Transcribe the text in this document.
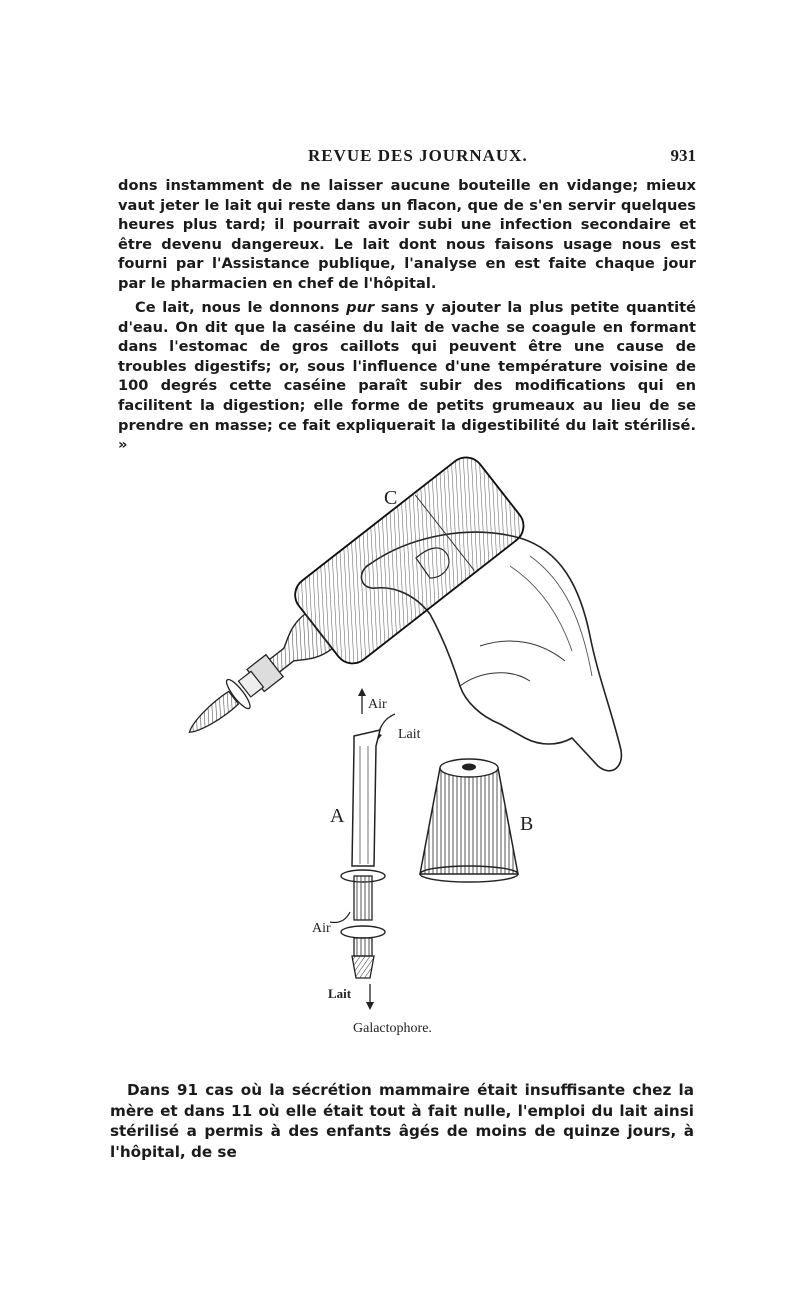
REVUE DES JOURNAUX.	931

dons instamment de ne laisser aucune bouteille en vidange; mieux vaut jeter le lait qui reste dans un flacon, que de s'en servir quelques heures plus tard; il pourrait avoir subi une infection secondaire et être devenu dangereux. Le lait dont nous faisons usage nous est fourni par l'Assistance publique, l'analyse en est faite chaque jour par le pharmacien en chef de l'hôpital.

Ce lait, nous le donnons pur sans y ajouter la plus petite quantité d'eau. On dit que la caséine du lait de vache se coagule en formant dans l'estomac de gros caillots qui peuvent être une cause de troubles digestifs; or, sous l'influence d'une température voisine de 100 degrés cette caséine paraît subir des modifications qui en facilitent la digestion; elle forme de petits grumeaux au lieu de se prendre en masse; ce fait expliquerait la digestibilité du lait stérilisé. »

C
Air
Lait
A	B
Air
Lait
Galactophore.

Dans 91 cas où la sécrétion mammaire était insuffisante chez la mère et dans 11 où elle était tout à fait nulle, l'emploi du lait ainsi stérilisé a permis à des enfants âgés de moins de quinze jours, à l'hôpital, de se
